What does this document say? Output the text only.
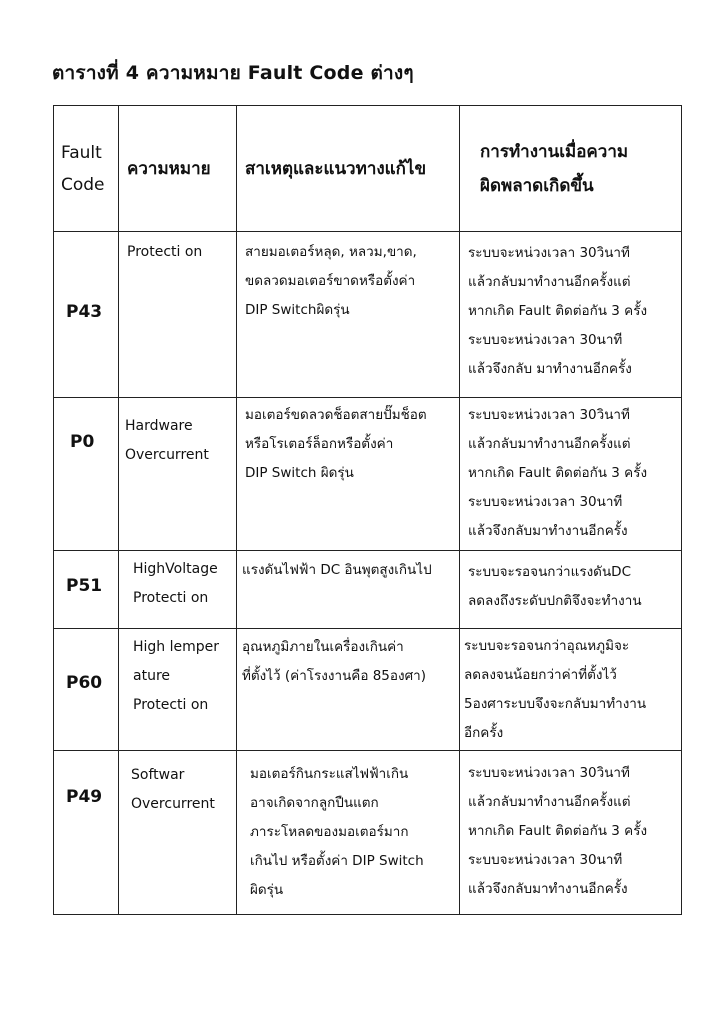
ตารางที่ 4 ความหมาย Fault Code ต่างๆ
Fault
Code	ความหมาย	สาเหตุและแนวทางแก้ไข	การทำงานเมื่อความ
ผิดพลาดเกิดขึ้น

P43	Protecti on	สายมอเตอร์หลุด, หลวม,ขาด,
ขดลวดมอเตอร์ขาดหรือตั้งค่า
DIP Switchผิดรุ่น	ระบบจะหน่วงเวลา 30วินาที
แล้วกลับมาทำงานอีกครั้งแต่
หากเกิด Fault ติดต่อกัน 3 ครั้ง
ระบบจะหน่วงเวลา 30นาที
แล้วจึงกลับ มาทำงานอีกครั้ง

P0	Hardware
Overcurrent	มอเตอร์ขดลวดช็อตสายปั๊มช็อต
หรือโรเตอร์ล็อกหรือตั้งค่า
DIP Switch ผิดรุ่น	ระบบจะหน่วงเวลา 30วินาที
แล้วกลับมาทำงานอีกครั้งแต่
หากเกิด Fault ติดต่อกัน 3 ครั้ง
ระบบจะหน่วงเวลา 30นาที
แล้วจึงกลับมาทำงานอีกครั้ง

P51	HighVoltage
Protecti on	แรงดันไฟฟ้า DC อินพุตสูงเกินไป	ระบบจะรอจนกว่าแรงดันDC
ลดลงถึงระดับปกติจึงจะทำงาน

P60	High lemper
ature
Protecti on	อุณหภูมิภายในเครื่องเกินค่า
ที่ตั้งไว้ (ค่าโรงงานคือ 85องศา)	ระบบจะรอจนกว่าอุณหภูมิจะ
ลดลงจนน้อยกว่าค่าที่ตั้งไว้
5องศาระบบจึงจะกลับมาทำงาน
อีกครั้ง

P49	Softwar
Overcurrent	มอเตอร์กินกระแสไฟฟ้าเกิน
อาจเกิดจากลูกปืนแตก
ภาระโหลดของมอเตอร์มาก
เกินไป หรือตั้งค่า DIP Switch
ผิดรุ่น	ระบบจะหน่วงเวลา 30วินาที
แล้วกลับมาทำงานอีกครั้งแต่
หากเกิด Fault ติดต่อกัน 3 ครั้ง
ระบบจะหน่วงเวลา 30นาที
แล้วจึงกลับมาทำงานอีกครั้ง
